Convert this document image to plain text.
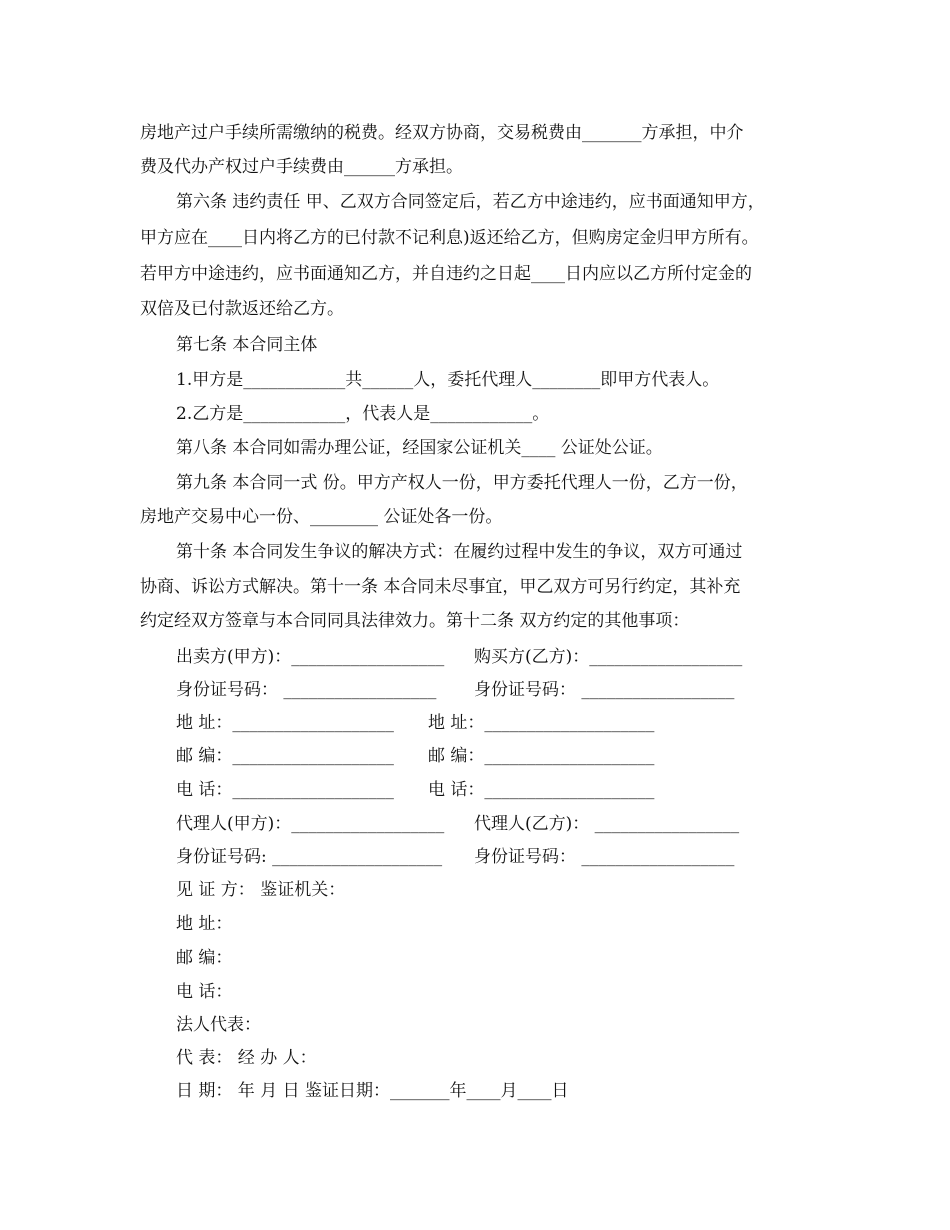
房地产过户手续所需缴纳的税费。经双方协商，交易税费由_______方承担，中介
费及代办产权过户手续费由______方承担。
第六条 违约责任 甲、乙双方合同签定后，若乙方中途违约，应书面通知甲方，
甲方应在____日内将乙方的已付款不记利息)返还给乙方，但购房定金归甲方所有。
若甲方中途违约，应书面通知乙方，并自违约之日起____日内应以乙方所付定金的
双倍及已付款返还给乙方。
第七条 本合同主体
1.甲方是____________共______人，委托代理人________即甲方代表人。
2.乙方是____________，代表人是____________。
第八条 本合同如需办理公证，经国家公证机关____ 公证处公证。
第九条 本合同一式 份。甲方产权人一份，甲方委托代理人一份，乙方一份，
房地产交易中心一份、________ 公证处各一份。
第十条 本合同发生争议的解决方式：在履约过程中发生的争议，双方可通过
协商、诉讼方式解决。第十一条 本合同未尽事宜，甲乙双方可另行约定，其补充
约定经双方签章与本合同同具法律效力。第十二条 双方约定的其他事项：
出卖方(甲方)：__________________ 购买方(乙方)：__________________
身份证号码： __________________ 身份证号码： __________________
地 址：___________________ 地 址：____________________
邮 编：___________________ 邮 编：____________________
电 话：___________________ 电 话：____________________
代理人(甲方)：__________________ 代理人(乙方)： _________________
身份证号码: ____________________ 身份证号码： __________________
见 证 方： 鉴证机关：
地 址：
邮 编：
电 话：
法人代表：
代 表： 经 办 人：
日 期： 年 月 日 鉴证日期：_______年____月____日
